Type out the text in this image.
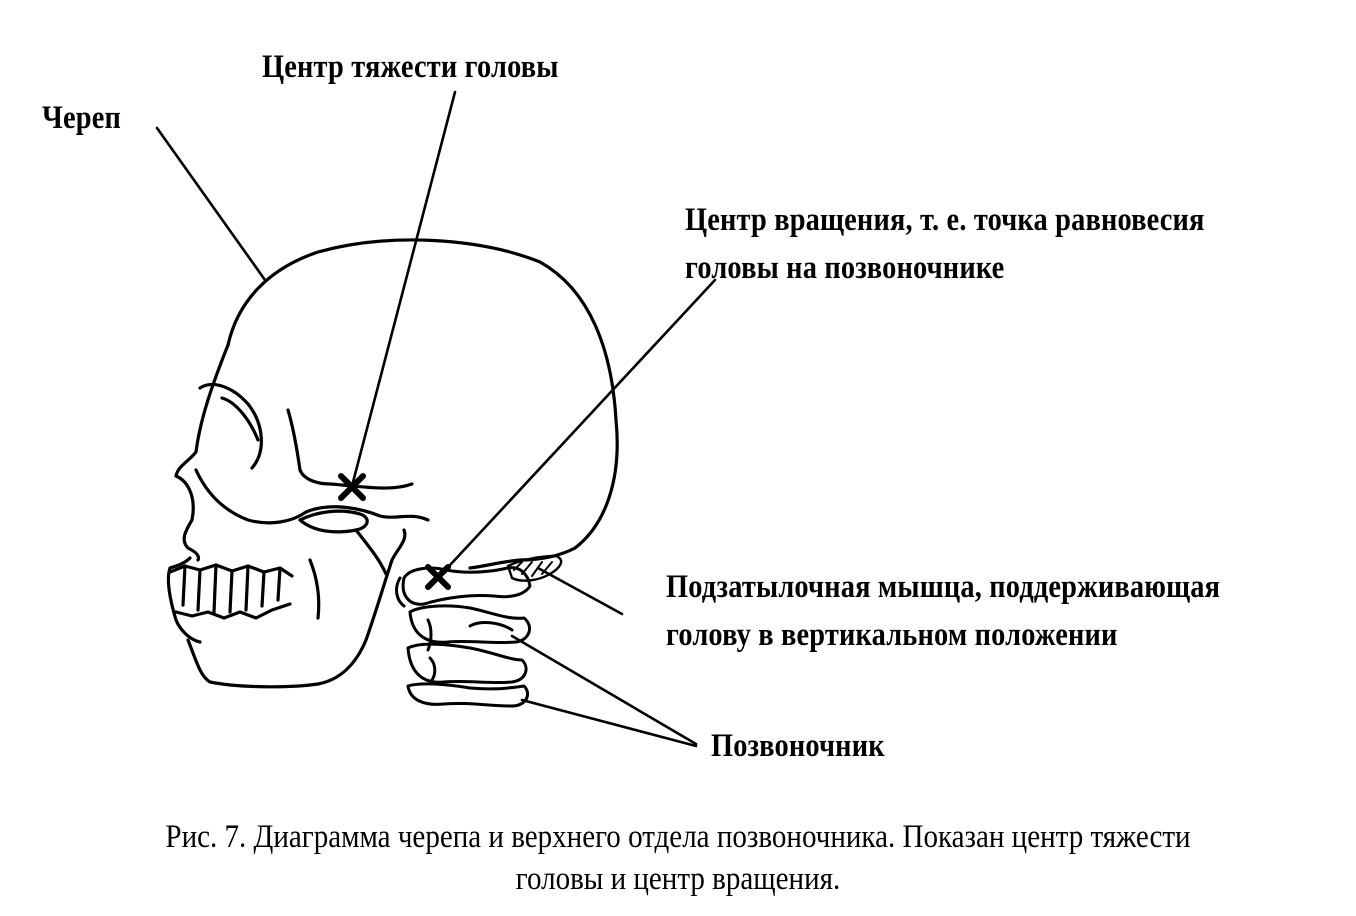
Череп
Центр тяжести головы
Центр вращения, т. е. точка равновесия
головы на позвоночнике
Подзатылочная мышца, поддерживающая
голову в вертикальном положении
Позвоночник
Рис. 7. Диаграмма черепа и верхнего отдела позвоночника. Показан центр тяжести
головы и центр вращения.
